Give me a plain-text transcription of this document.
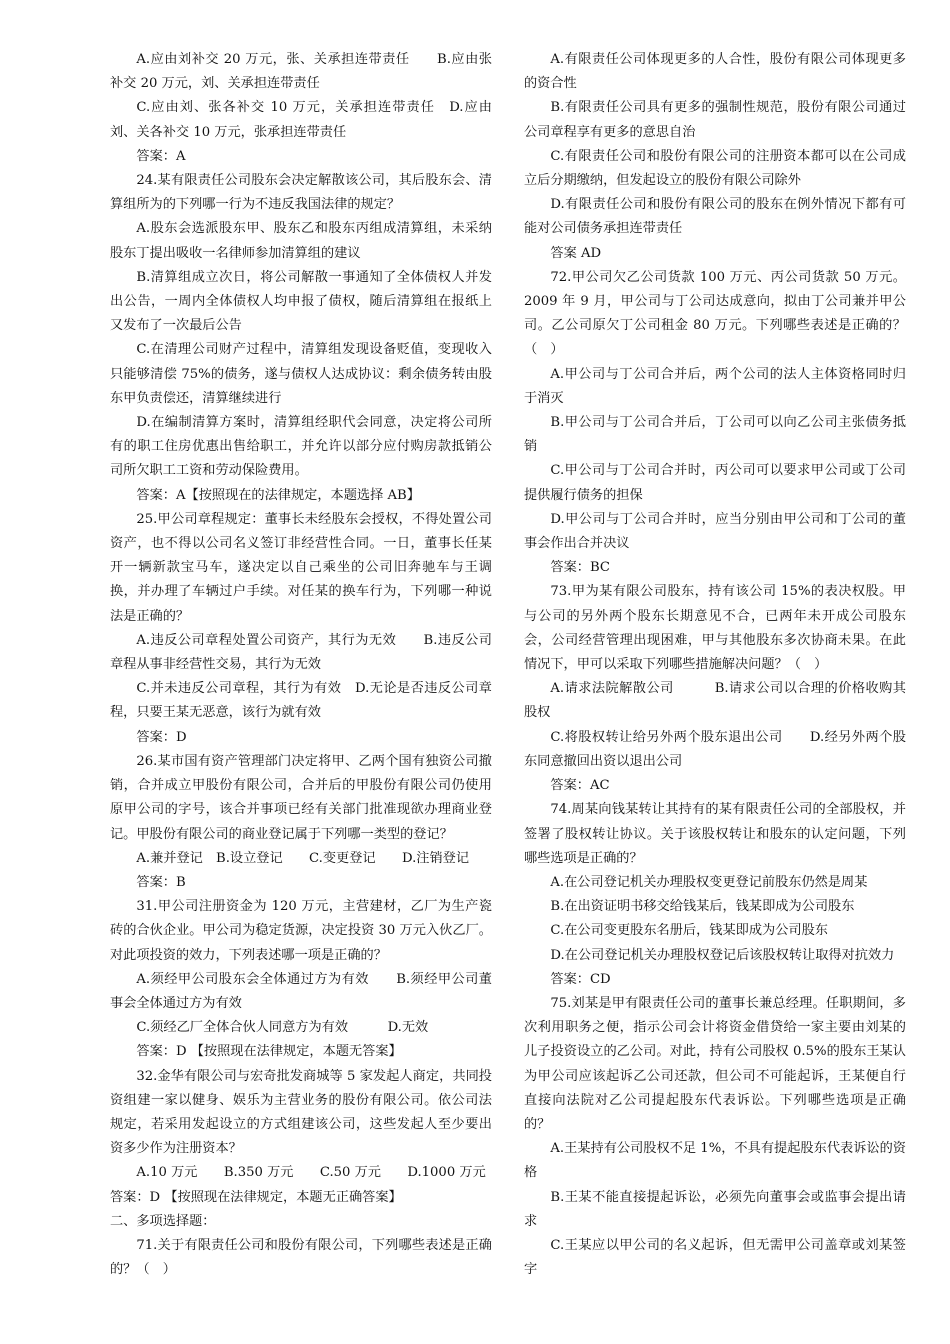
A.应由刘补交 20 万元，张、关承担连带责任　　B.应由张补交 20 万元，刘、关承担连带责任

C.应由刘、张各补交 10 万元，关承担连带责任　D.应由刘、关各补交 10 万元，张承担连带责任

答案：A

24.某有限责任公司股东会决定解散该公司，其后股东会、清算组所为的下列哪一行为不违反我国法律的规定？

A.股东会选派股东甲、股东乙和股东丙组成清算组，未采纳股东丁提出吸收一名律师参加清算组的建议

B.清算组成立次日，将公司解散一事通知了全体债权人并发出公告，一周内全体债权人均申报了债权，随后清算组在报纸上又发布了一次最后公告

C.在清理公司财产过程中，清算组发现设备贬值，变现收入只能够清偿 75%的债务，遂与债权人达成协议：剩余债务转由股东甲负责偿还，清算继续进行

D.在编制清算方案时，清算组经职代会同意，决定将公司所有的职工住房优惠出售给职工，并允许以部分应付购房款抵销公司所欠职工工资和劳动保险费用。

答案：A【按照现在的法律规定，本题选择 AB】

25.甲公司章程规定：董事长未经股东会授权，不得处置公司资产，也不得以公司名义签订非经营性合同。一日，董事长任某开一辆新款宝马车，遂决定以自己乘坐的公司旧奔驰车与王调换，并办理了车辆过户手续。对任某的换车行为，下列哪一种说法是正确的？

A.违反公司章程处置公司资产，其行为无效　　B.违反公司章程从事非经营性交易，其行为无效

C.并未违反公司章程，其行为有效　D.无论是否违反公司章程，只要王某无恶意，该行为就有效

答案：D

26.某市国有资产管理部门决定将甲、乙两个国有独资公司撤销，合并成立甲股份有限公司，合并后的甲股份有限公司仍使用原甲公司的字号，该合并事项已经有关部门批准现欲办理商业登记。甲股份有限公司的商业登记属于下列哪一类型的登记？

A.兼并登记　B.设立登记　　C.变更登记　　D.注销登记

答案：B

31.甲公司注册资金为 120 万元，主营建材，乙厂为生产瓷砖的合伙企业。甲公司为稳定货源，决定投资 30 万元入伙乙厂。对此项投资的效力，下列表述哪一项是正确的？

A.须经甲公司股东会全体通过方为有效　　B.须经甲公司董事会全体通过方为有效

C.须经乙厂全体合伙人同意方为有效　　　D.无效

答案：D 【按照现在法律规定，本题无答案】

32.金华有限公司与宏奇批发商城等 5 家发起人商定，共同投资组建一家以健身、娱乐为主营业务的股份有限公司。依公司法规定，若采用发起设立的方式组建该公司，这些发起人至少要出资多少作为注册资本？

A.10 万元　　B.350 万元　　C.50 万元　　D.1000 万元

答案：D 【按照现在法律规定，本题无正确答案】

二、多项选择题：

71.关于有限责任公司和股份有限公司，下列哪些表述是正确的？（　）

A.有限责任公司体现更多的人合性，股份有限公司体现更多的资合性

B.有限责任公司具有更多的强制性规范，股份有限公司通过公司章程享有更多的意思自治

C.有限责任公司和股份有限公司的注册资本都可以在公司成立后分期缴纳，但发起设立的股份有限公司除外

D.有限责任公司和股份有限公司的股东在例外情况下都有可能对公司债务承担连带责任

答案 AD

72.甲公司欠乙公司货款 100 万元、丙公司货款 50 万元。2009 年 9 月，甲公司与丁公司达成意向，拟由丁公司兼并甲公司。乙公司原欠丁公司租金 80 万元。下列哪些表述是正确的？（　）

A.甲公司与丁公司合并后，两个公司的法人主体资格同时归于消灭

B.甲公司与丁公司合并后，丁公司可以向乙公司主张债务抵销

C.甲公司与丁公司合并时，丙公司可以要求甲公司或丁公司提供履行债务的担保

D.甲公司与丁公司合并时，应当分别由甲公司和丁公司的董事会作出合并决议

答案：BC

73.甲为某有限公司股东，持有该公司 15%的表决权股。甲与公司的另外两个股东长期意见不合，已两年未开成公司股东会，公司经营管理出现困难，甲与其他股东多次协商未果。在此情况下，甲可以采取下列哪些措施解决问题？（　）

A.请求法院解散公司　　　B.请求公司以合理的价格收购其股权

C.将股权转让给另外两个股东退出公司　　D.经另外两个股东同意撤回出资以退出公司

答案：AC

74.周某向钱某转让其持有的某有限责任公司的全部股权，并签署了股权转让协议。关于该股权转让和股东的认定问题，下列哪些选项是正确的？

A.在公司登记机关办理股权变更登记前股东仍然是周某

B.在出资证明书移交给钱某后，钱某即成为公司股东

C.在公司变更股东名册后，钱某即成为公司股东

D.在公司登记机关办理股权登记后该股权转让取得对抗效力

答案：CD

75.刘某是甲有限责任公司的董事长兼总经理。任职期间，多次利用职务之便，指示公司会计将资金借贷给一家主要由刘某的儿子投资设立的乙公司。对此，持有公司股权 0.5%的股东王某认为甲公司应该起诉乙公司还款，但公司不可能起诉，王某便自行直接向法院对乙公司提起股东代表诉讼。下列哪些选项是正确的？

A.王某持有公司股权不足 1%，不具有提起股东代表诉讼的资格

B.王某不能直接提起诉讼，必须先向董事会或监事会提出请求

C.王某应以甲公司的名义起诉，但无需甲公司盖章或刘某签字
